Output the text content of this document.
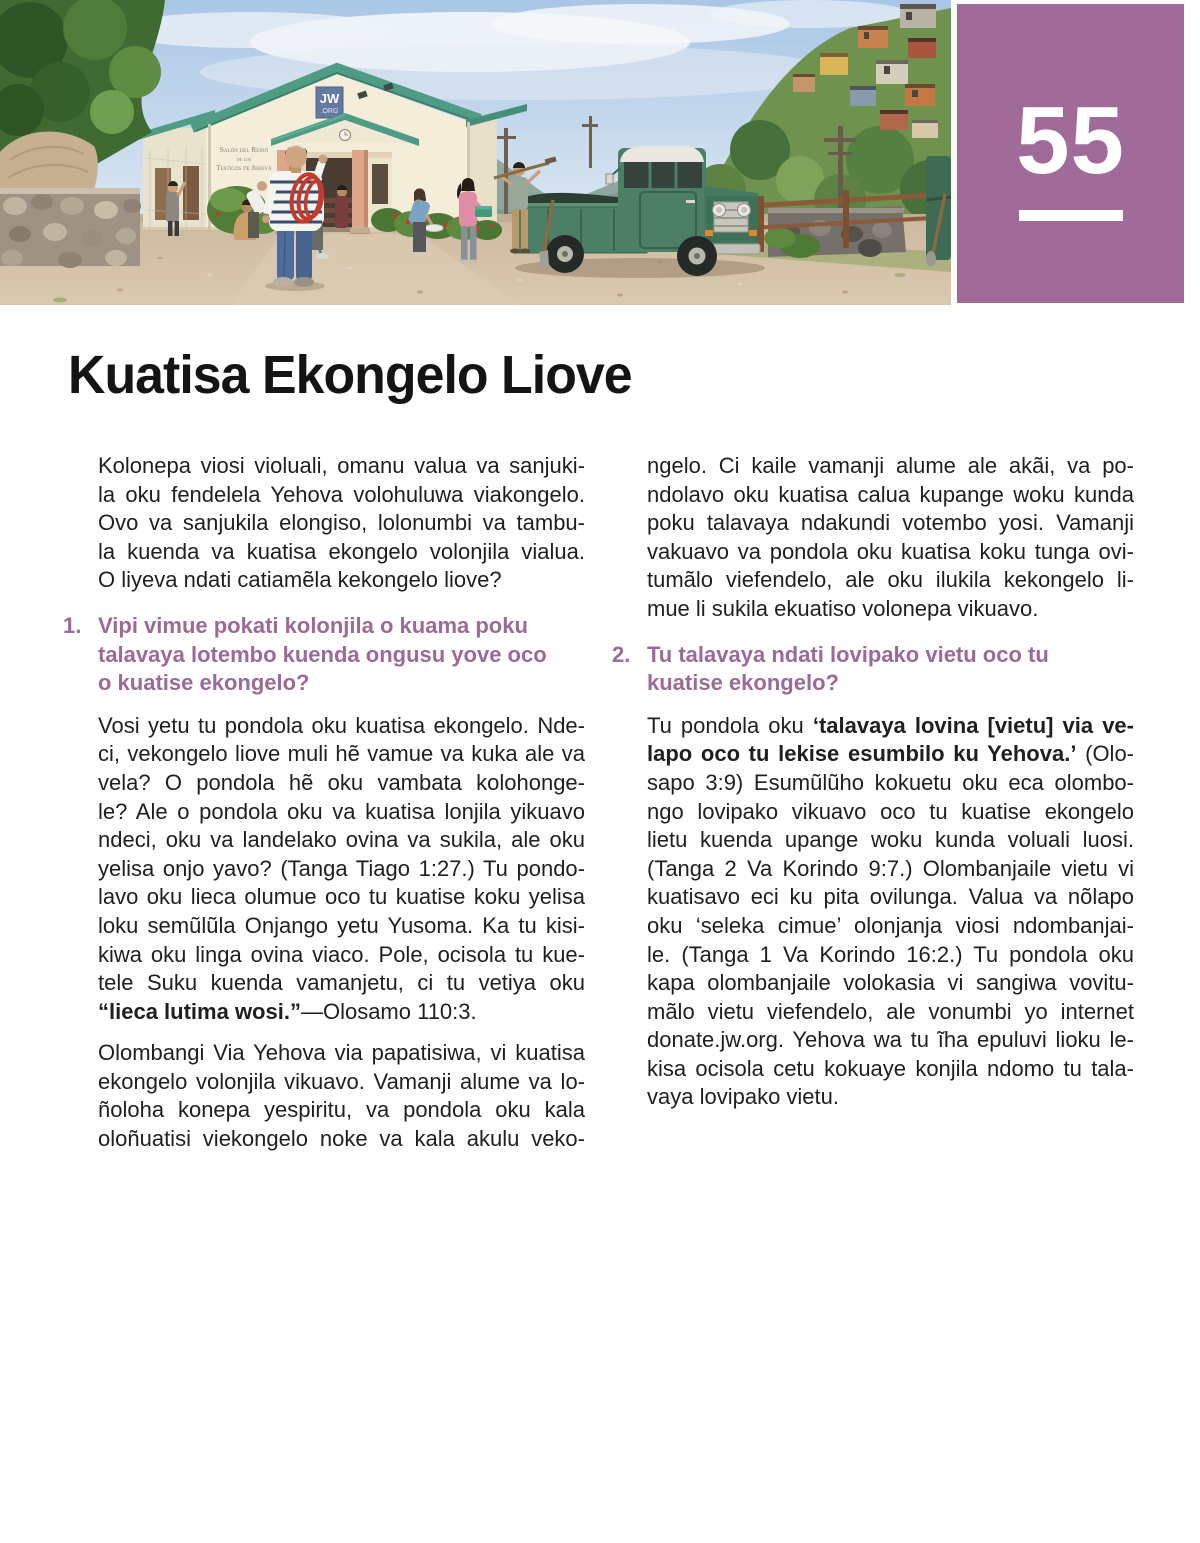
JW
.ORG
Salón del Reino
de los
Testigos de Jehová	55
Kuatisa Ekongelo Liove
Kolonepa viosi violuali, omanu valua va sanjuki-
la oku fendelela Yehova volohuluwa viakongelo.
Ovo va sanjukila elongiso, lolonumbi va tambu-
la kuenda va kuatisa ekongelo volonjila vialua.
O liyeva ndati catiamẽla kekongelo liove?
1. Vipi vimue pokati kolonjila o kuama poku
talavaya lotembo kuenda ongusu yove oco
o kuatise ekongelo?
Vosi yetu tu pondola oku kuatisa ekongelo. Nde-
ci, vekongelo liove muli hẽ vamue va kuka ale va
vela? O pondola hẽ oku vambata kolohonge-
le? Ale o pondola oku va kuatisa lonjila yikuavo
ndeci, oku va landelako ovina va sukila, ale oku
yelisa onjo yavo? (Tanga Tiago 1:27.) Tu pondo-
lavo oku lieca olumue oco tu kuatise koku yelisa
loku semũlũla Onjango yetu Yusoma. Ka tu kisi-
kiwa oku linga ovina viaco. Pole, ocisola tu kue-
tele Suku kuenda vamanjetu, ci tu vetiya oku
“lieca lutima wosi.”—Olosamo 110:3.
Olombangi Via Yehova via papatisiwa, vi kuatisa
ekongelo volonjila vikuavo. Vamanji alume va lo-
ñoloha konepa yespiritu, va pondola oku kala
oloñuatisi viekongelo noke va kala akulu veko-
ngelo. Ci kaile vamanji alume ale akãi, va po-
ndolavo oku kuatisa calua kupange woku kunda
poku talavaya ndakundi votembo yosi. Vamanji
vakuavo va pondola oku kuatisa koku tunga ovi-
tumãlo viefendelo, ale oku ilukila kekongelo li-
mue li sukila ekuatiso volonepa vikuavo.
2. Tu talavaya ndati lovipako vietu oco tu
kuatise ekongelo?
Tu pondola oku ‘talavaya lovina [vietu] via ve-
lapo oco tu lekise esumbilo ku Yehova.’ (Olo-
sapo 3:9) Esumũlũho kokuetu oku eca olombo-
ngo lovipako vikuavo oco tu kuatise ekongelo
lietu kuenda upange woku kunda voluali luosi.
(Tanga 2 Va Korindo 9:7.) Olombanjaile vietu vi
kuatisavo eci ku pita ovilunga. Valua va nõlapo
oku ‘seleka cimue’ olonjanja viosi ndombanjai-
le. (Tanga 1 Va Korindo 16:2.) Tu pondola oku
kapa olombanjaile volokasia vi sangiwa vovitu-
mãlo vietu viefendelo, ale vonumbi yo internet
donate.jw.org. Yehova wa tu ĩha epuluvi lioku le-
kisa ocisola cetu kokuaye konjila ndomo tu tala-
vaya lovipako vietu.
